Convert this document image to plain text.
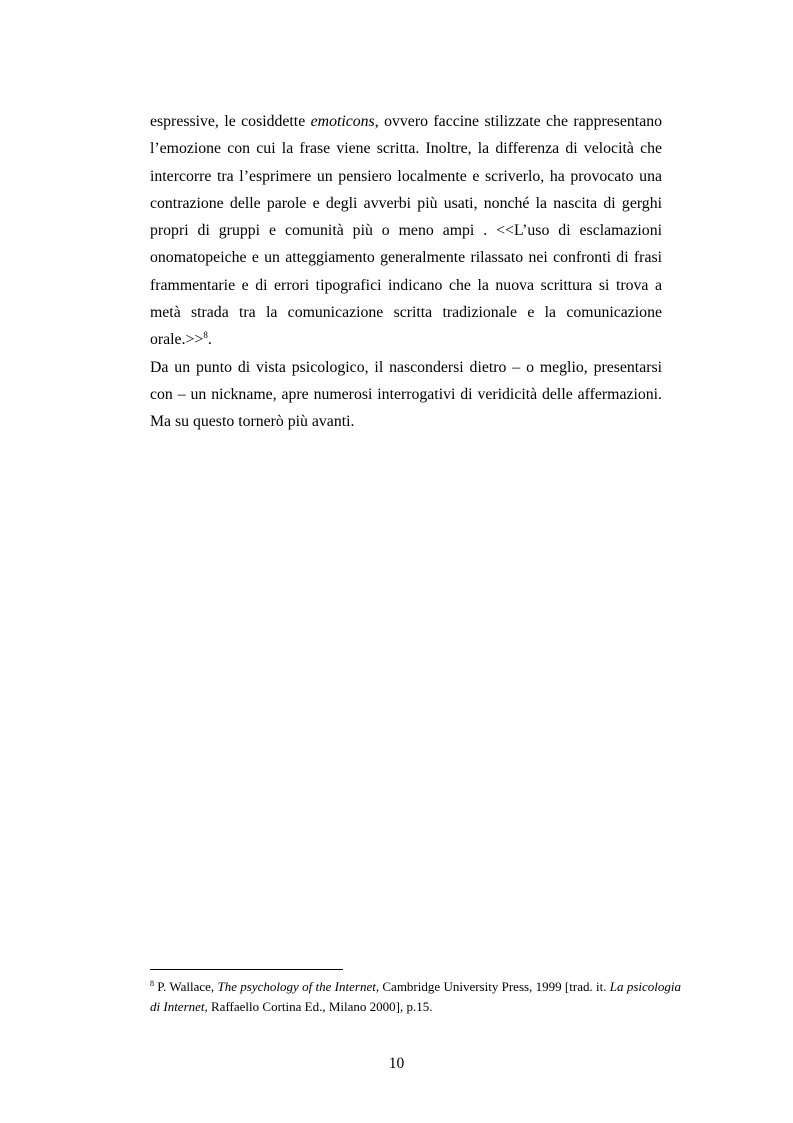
espressive, le cosiddette emoticons, ovvero faccine stilizzate che rappresentano l’emozione con cui la frase viene scritta. Inoltre, la differenza di velocità che intercorre tra l’esprimere un pensiero localmente e scriverlo, ha provocato una contrazione delle parole e degli avverbi più usati, nonché la nascita di gerghi propri di gruppi e comunità più o meno ampi . <<L’uso di esclamazioni onomatopeiche e un atteggiamento generalmente rilassato nei confronti di frasi frammentarie e di errori tipografici indicano che la nuova scrittura si trova a metà strada tra la comunicazione scritta tradizionale e la comunicazione orale.>>$^8$.

Da un punto di vista psicologico, il nascondersi dietro – o meglio, presentarsi con – un nickname, apre numerosi interrogativi di veridicità delle affermazioni. Ma su questo tornerò più avanti.

$^8$ P. Wallace, The psychology of the Internet, Cambridge University Press, 1999 [trad. it. La psicologia di Internet, Raffaello Cortina Ed., Milano 2000], p.15.
10
